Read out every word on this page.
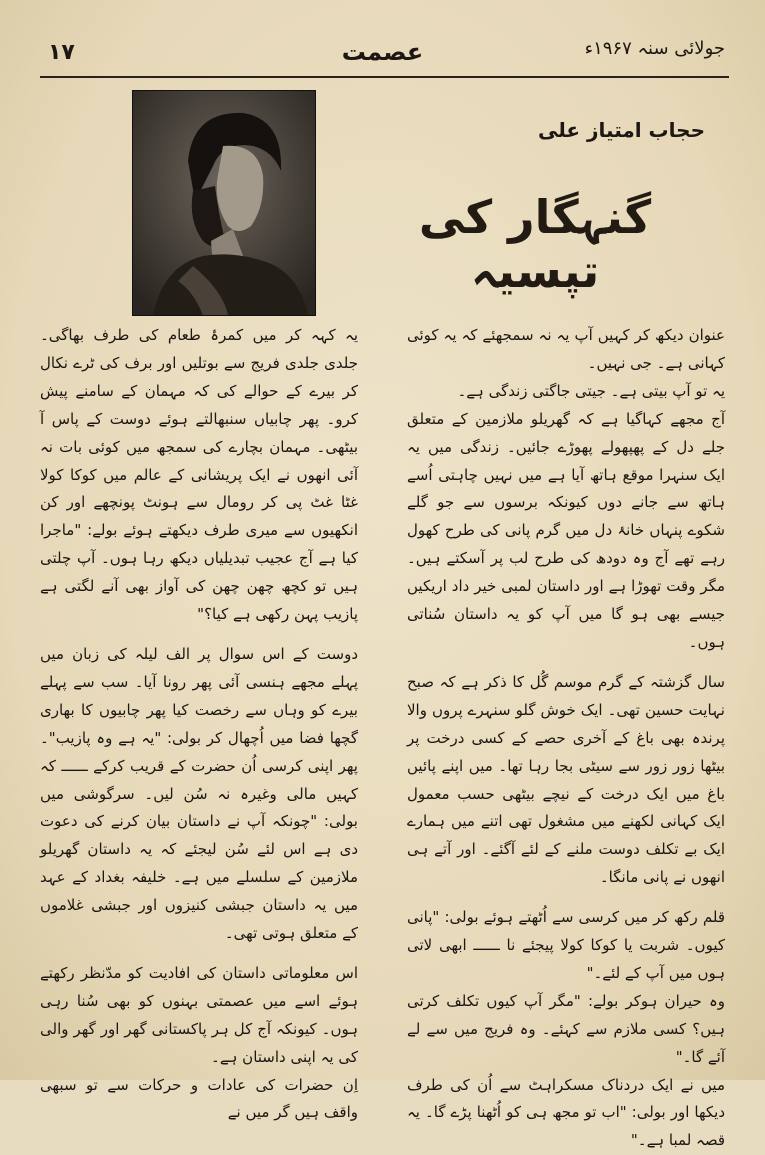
۱۷	عصمت	جولائی سنہ ۱۹۶۷ء
حجاب امتیاز علی
گنہگار کی تپسیہ

عنوان دیکھ کر کہیں آپ یہ نہ سمجھئے کہ یہ کوئی کہانی ہے۔ جی نہیں۔

یہ تو آپ بیتی ہے۔ جیتی جاگتی زندگی ہے۔

آج مجھے کہاگیا ہے کہ گھریلو ملازمین کے متعلق جلے دل کے پھپھولے پھوڑے جائیں۔ زندگی میں یہ ایک سنہرا موقع ہاتھ آیا ہے میں نہیں چاہتی اُسے ہاتھ سے جانے دوں کیونکہ برسوں سے جو گلے شکوے پنہاں خانۂ دل میں گرم پانی کی طرح کھول رہے تھے آج وہ دودھ کی طرح لب پر آسکتے ہیں۔ مگر وقت تھوڑا ہے اور داستان لمبی خیر داد اریکیں جیسے بھی ہو گا میں آپ کو یہ داستان سُناتی ہوں۔

سال گزشتہ کے گرم موسم گُل کا ذکر ہے کہ صبح نہایت حسین تھی۔ ایک خوش گلو سنہرے پروں والا پرندہ بھی باغ کے آخری حصے کے کسی درخت پر بیٹھا زور زور سے سیٹی بجا رہا تھا۔ میں اپنے پائیں باغ میں ایک درخت کے نیچے بیٹھی حسب معمول ایک کہانی لکھنے میں مشغول تھی اتنے میں ہمارے ایک بے تکلف دوست ملنے کے لئے آگئے۔ اور آتے ہی انھوں نے پانی مانگا۔

قلم رکھ کر میں کرسی سے اُٹھتے ہوئے بولی: "پانی کیوں۔ شربت یا کوکا کولا پیجئے نا ــــــ ابھی لاتی ہوں میں آپ کے لئے۔"

وہ حیران ہوکر بولے: "مگر آپ کیوں تکلف کرتی ہیں؟ کسی ملازم سے کہئے۔ وہ فریج میں سے لے آئے گا۔"

میں نے ایک دردناک مسکراہٹ سے اُن کی طرف دیکھا اور بولی: "اب تو مجھ ہی کو اُٹھنا پڑے گا۔ یہ قصہ لمبا ہے۔"

یہ کہہ کر میں کمرۂ طعام کی طرف بھاگی۔ جلدی جلدی فریج سے بوتلیں اور برف کی ٹرے نکال کر بیرے کے حوالے کی کہ مہمان کے سامنے پیش کرو۔ پھر چابیاں سنبھالتے ہوئے دوست کے پاس آ بیٹھی۔ مہمان بچارے کی سمجھ میں کوئی بات نہ آئی انھوں نے ایک پریشانی کے عالم میں کوکا کولا غٹا غٹ پی کر رومال سے ہونٹ پونچھے اور کن انکھیوں سے میری طرف دیکھتے ہوئے بولے: "ماجرا کیا ہے آج عجیب تبدیلیاں دیکھ رہا ہوں۔ آپ چلتی ہیں تو کچھ چھن چھن کی آواز بھی آنے لگتی ہے پازیب پہن رکھی ہے کیا؟"

دوست کے اس سوال پر الف لیلہ کی زبان میں پہلے مجھے ہنسی آئی پھر رونا آیا۔ سب سے پہلے بیرے کو وہاں سے رخصت کیا پھر چابیوں کا بھاری گچھا فضا میں اُچھال کر بولی: "یہ ہے وہ پازیب"۔ پھر اپنی کرسی اُن حضرت کے قریب کرکے ــــــ کہ کہیں مالی وغیرہ نہ سُن لیں۔ سرگوشی میں بولی: "چونکہ آپ نے داستان بیان کرنے کی دعوت دی ہے اس لئے سُن لیجئے کہ یہ داستان گھریلو ملازمین کے سلسلے میں ہے۔ خلیفہ بغداد کے عہد میں یہ داستان جبشی کنیزوں اور جبشی غلاموں کے متعلق ہوتی تھی۔

اس معلوماتی داستان کی افادیت کو مدّنظر رکھتے ہوئے اسے میں عصمتی بہنوں کو بھی سُنا رہی ہوں۔ کیونکہ آج کل ہر پاکستانی گھر اور گھر والی کی یہ اپنی داستان ہے۔

اِن حضرات کی عادات و حرکات سے تو سبھی واقف ہیں گر میں نے
